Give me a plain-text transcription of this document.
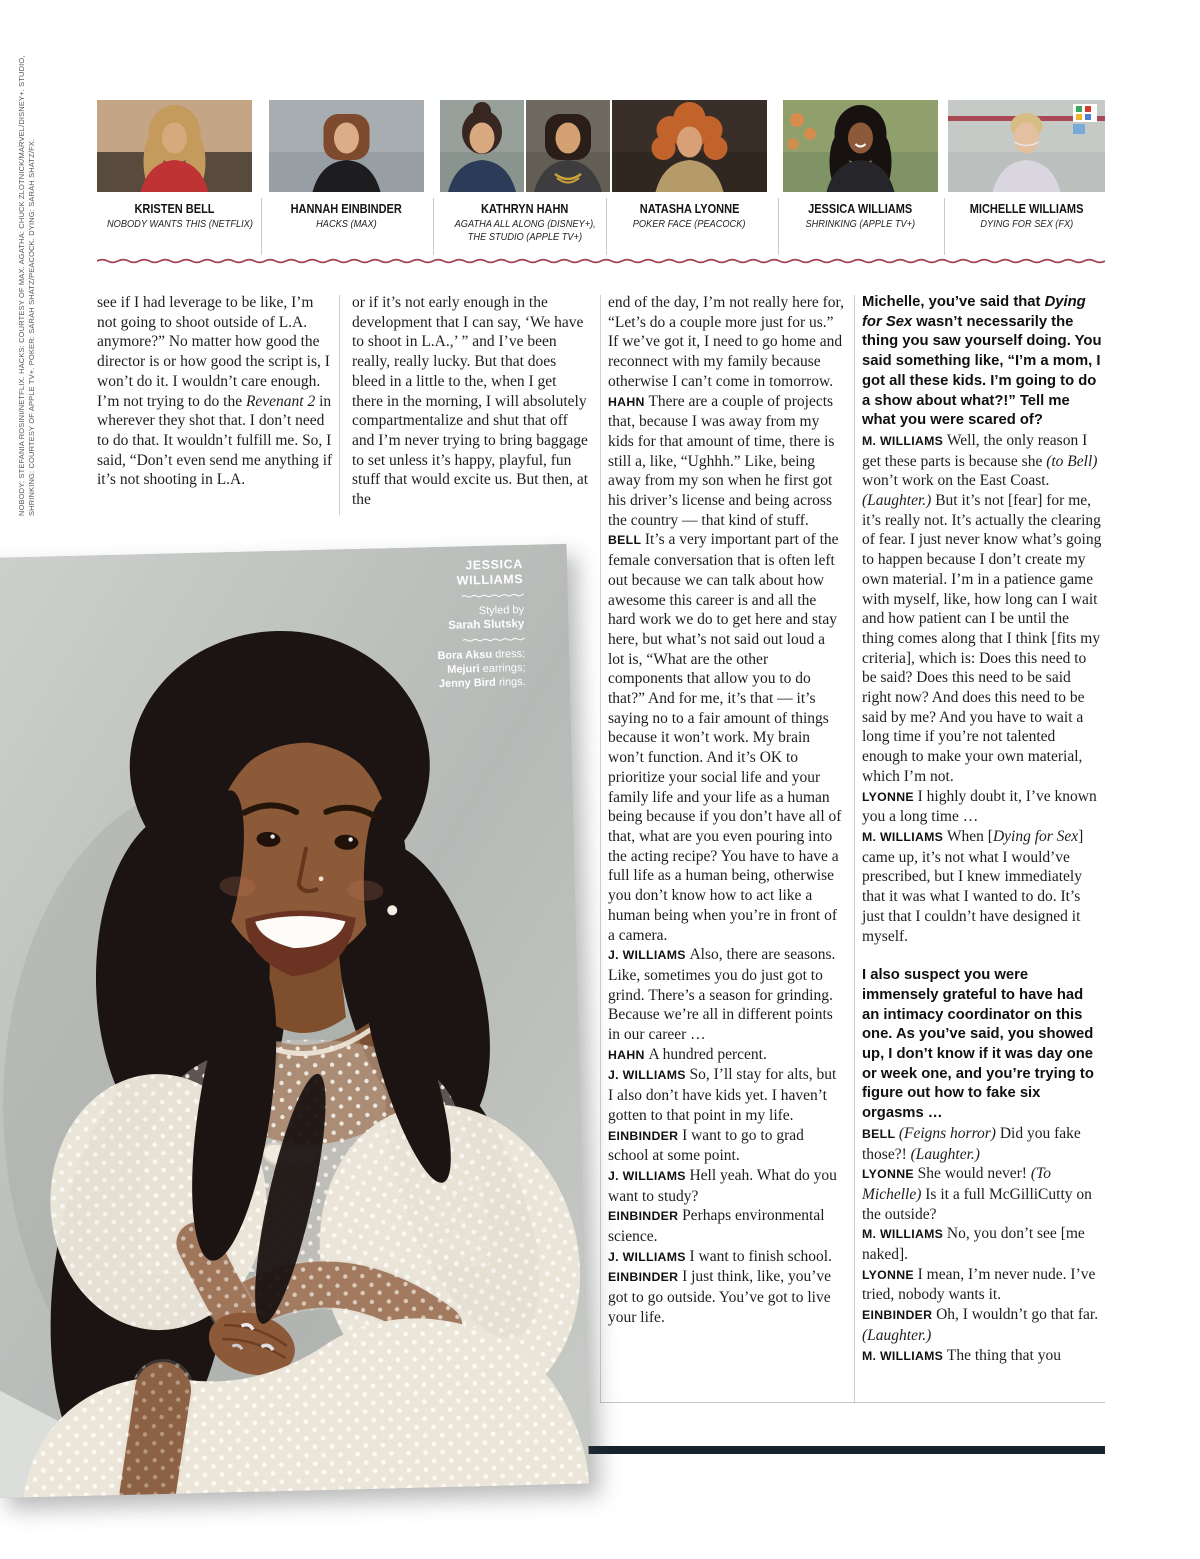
NOBODY: STEFANIA ROSINI/NETFLIX. HACKS: COURTESY OF MAX. AGATHA: CHUCK ZLOTNICK/MARVEL/DISNEY+. STUDIO, SHRINKING: COURTESY OF APPLE TV+. POKER: SARAH SHATZ/PEACOCK. DYING: SARAH SHATZ/FX.	KRISTEN BELL
NOBODY WANTS THIS (NETFLIX)
HANNAH EINBINDER
HACKS (MAX)
KATHRYN HAHN
AGATHA ALL ALONG (DISNEY+),
THE STUDIO (APPLE TV+)
NATASHA LYONNE
POKER FACE (PEACOCK)
JESSICA WILLIAMS
SHRINKING (APPLE TV+)
MICHELLE WILLIAMS
DYING FOR SEX (FX)

see if I had leverage to be like, I’m not going to shoot outside of L.A. anymore?” No matter how good the director is or how good the script is, I won’t do it. I wouldn’t care enough. I’m not trying to do the Revenant 2 in wherever they shot that. I don’t need to do that. It wouldn’t fulfill me. So, I said, “Don’t even send me anything if it’s not shooting in L.A.

or if it’s not early enough in the development that I can say, ‘We have to shoot in L.A.,’ ” and I’ve been really, really lucky. But that does bleed in a little to the, when I get there in the morning, I will absolutely compartmentalize and shut that off and I’m never trying to bring baggage to set unless it’s happy, playful, fun stuff that would excite us. But then, at the

end of the day, I’m not really here for, “Let’s do a couple more just for us.” If we’ve got it, I need to go home and reconnect with my family because otherwise I can’t come in tomorrow.

HAHN There are a couple of projects that, because I was away from my kids for that amount of time, there is still a, like, “Ughhh.” Like, being away from my son when he first got his driver’s license and being across the country — that kind of stuff.

BELL It’s a very important part of the female conversation that is often left out because we can talk about how awesome this career is and all the hard work we do to get here and stay here, but what’s not said out loud a lot is, “What are the other components that allow you to do that?” And for me, it’s that — it’s saying no to a fair amount of things because it won’t work. My brain won’t function. And it’s OK to prioritize your social life and your family life and your life as a human being because if you don’t have all of that, what are you even pouring into the acting recipe? You have to have a full life as a human being, otherwise you don’t know how to act like a human being when you’re in front of a camera.

J. WILLIAMS Also, there are seasons. Like, sometimes you do just got to grind. There’s a season for grinding. Because we’re all in different points in our career …

HAHN A hundred percent.

J. WILLIAMS So, I’ll stay for alts, but I also don’t have kids yet. I haven’t gotten to that point in my life.

EINBINDER I want to go to grad school at some point.

J. WILLIAMS Hell yeah. What do you want to study?

EINBINDER Perhaps environmental science.

J. WILLIAMS I want to finish school.

EINBINDER I just think, like, you’ve got to go outside. You’ve got to live your life.

Michelle, you’ve said that Dying for Sex wasn’t necessarily the thing you saw yourself doing. You said something like, “I’m a mom, I got all these kids. I’m going to do a show about what?!” Tell me what you were scared of?

M. WILLIAMS Well, the only reason I get these parts is because she (to Bell) won’t work on the East Coast. (Laughter.) But it’s not [fear] for me, it’s really not. It’s actually the clearing of fear. I just never know what’s going to happen because I don’t create my own material. I’m in a patience game with myself, like, how long can I wait and how patient can I be until the thing comes along that I think [fits my criteria], which is: Does this need to be said? Does this need to be said right now? And does this need to be said by me? And you have to wait a long time if you’re not talented enough to make your own material, which I’m not.

LYONNE I highly doubt it, I’ve known you a long time …

M. WILLIAMS When [Dying for Sex] came up, it’s not what I would’ve prescribed, but I knew immediately that it was what I wanted to do. It’s just that I couldn’t have designed it myself.

I also suspect you were immensely grateful to have had an intimacy coordinator on this one. As you’ve said, you showed up, I don’t know if it was day one or week one, and you’re trying to figure out how to fake six orgasms …

BELL (Feigns horror) Did you fake those?! (Laughter.)

LYONNE She would never! (To Michelle) Is it a full McGilliCutty on the outside?

M. WILLIAMS No, you don’t see [me naked].

LYONNE I mean, I’m never nude. I’ve tried, nobody wants it.

EINBINDER Oh, I wouldn’t go that far. (Laughter.)

M. WILLIAMS The thing that you

JESSICA
WILLIAMS
Styled by
Sarah Slutsky
Bora Aksu dress;
Mejuri earrings;
Jenny Bird rings.
